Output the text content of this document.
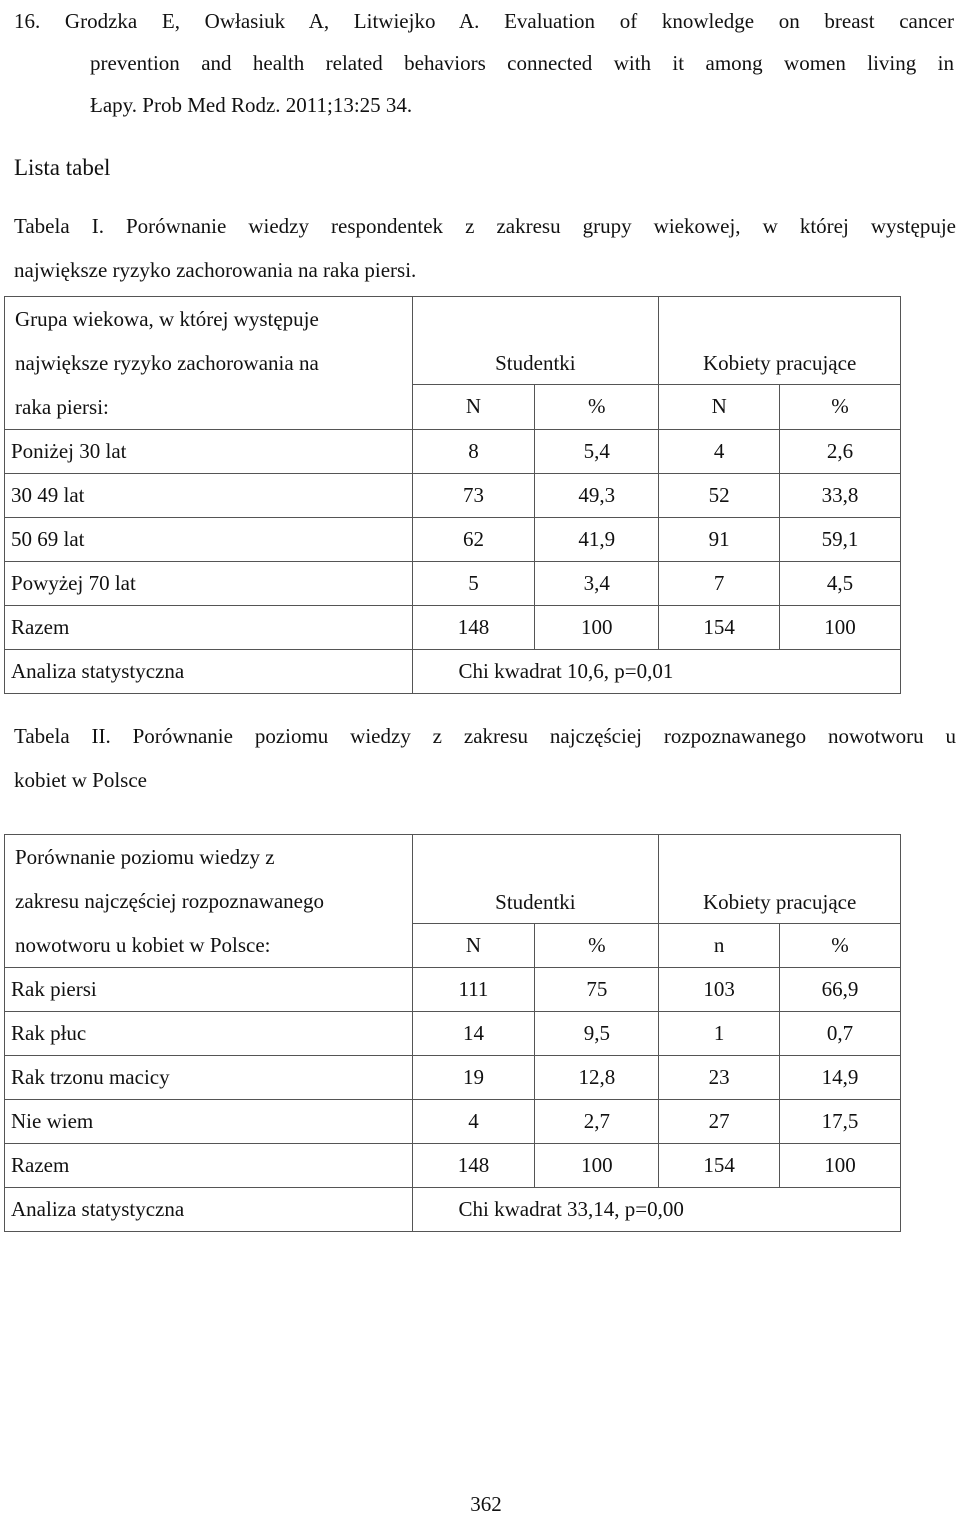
16. Grodzka E, Owłasiuk A, Litwiejko A. Evaluation of knowledge on breast cancer
prevention and health related behaviors connected with it among women living in
Łapy. Prob Med Rodz. 2011;13:25 34.
Lista tabel
Tabela I. Porównanie wiedzy respondentek z zakresu grupy wiekowej, w której występuje
największe ryzyko zachorowania na raka piersi.
Grupa wiekowa, w której występuje
największe ryzyko zachorowania na
raka piersi:	Studentki		Kobiety pracujące	
	N	%	N	%
Poniżej 30 lat	8	5,4	4	2,6
30 49 lat	73	49,3	52	33,8
50 69 lat	62	41,9	91	59,1
Powyżej 70 lat	5	3,4	7	4,5
Razem	148	100	154	100
Analiza statystyczna	Chi kwadrat 10,6, p=0,01			
Tabela II. Porównanie poziomu wiedzy z zakresu najczęściej rozpoznawanego nowotworu u
kobiet w Polsce
Porównanie poziomu wiedzy z
zakresu najczęściej rozpoznawanego
nowotworu u kobiet w Polsce:	Studentki		Kobiety pracujące	
	N	%	n	%
Rak piersi	111	75	103	66,9
Rak płuc	14	9,5	1	0,7
Rak trzonu macicy	19	12,8	23	14,9
Nie wiem	4	2,7	27	17,5
Razem	148	100	154	100
Analiza statystyczna	Chi kwadrat 33,14, p=0,00			
362
